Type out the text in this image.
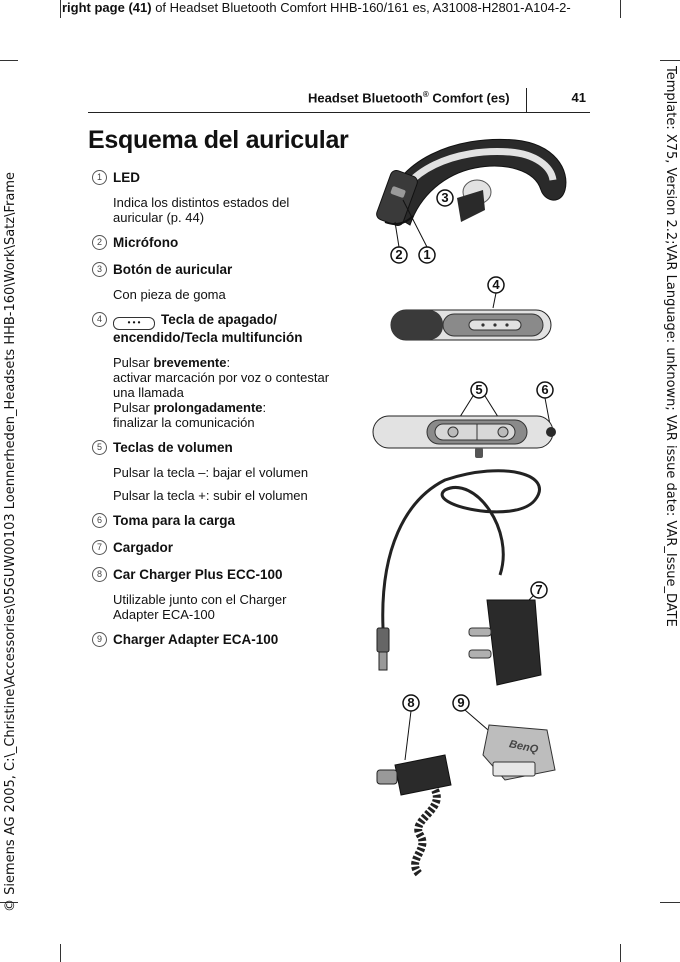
right page (41) of Headset Bluetooth Comfort HHB-160/161 es, A31008-H2801-A104-2-
© Siemens AG 2005, C:\_Christine\Accessories\05GUW00103 Loennerheden_Headsets HHB-160\Work\Satz\Frame	Template: X75, Version 2.2;VAR Language: unknown; VAR issue date: VAR_Issue_DATE
Headset Bluetooth® Comfort (es)	41
Esquema del auricular
1 LED
Indica los distintos estados del auricular (p. 44)
2 Micrófono
3 Botón de auricular
Con pieza de goma
4	• • • Tecla de apagado/ encendido/Tecla multifunción
Pulsar brevemente:
activar marcación por voz o contestar una llamada
Pulsar prolongadamente:
finalizar la comunicación
5 Teclas de volumen
Pulsar la tecla –: bajar el volumen
Pulsar la tecla +: subir el volumen
6 Toma para la carga
7 Cargador
8 Car Charger Plus ECC-100
Utilizable junto con el Charger Adapter ECA-100
9 Charger Adapter ECA-100
3
2 1
4
5	6
7
8	9
BenQ
